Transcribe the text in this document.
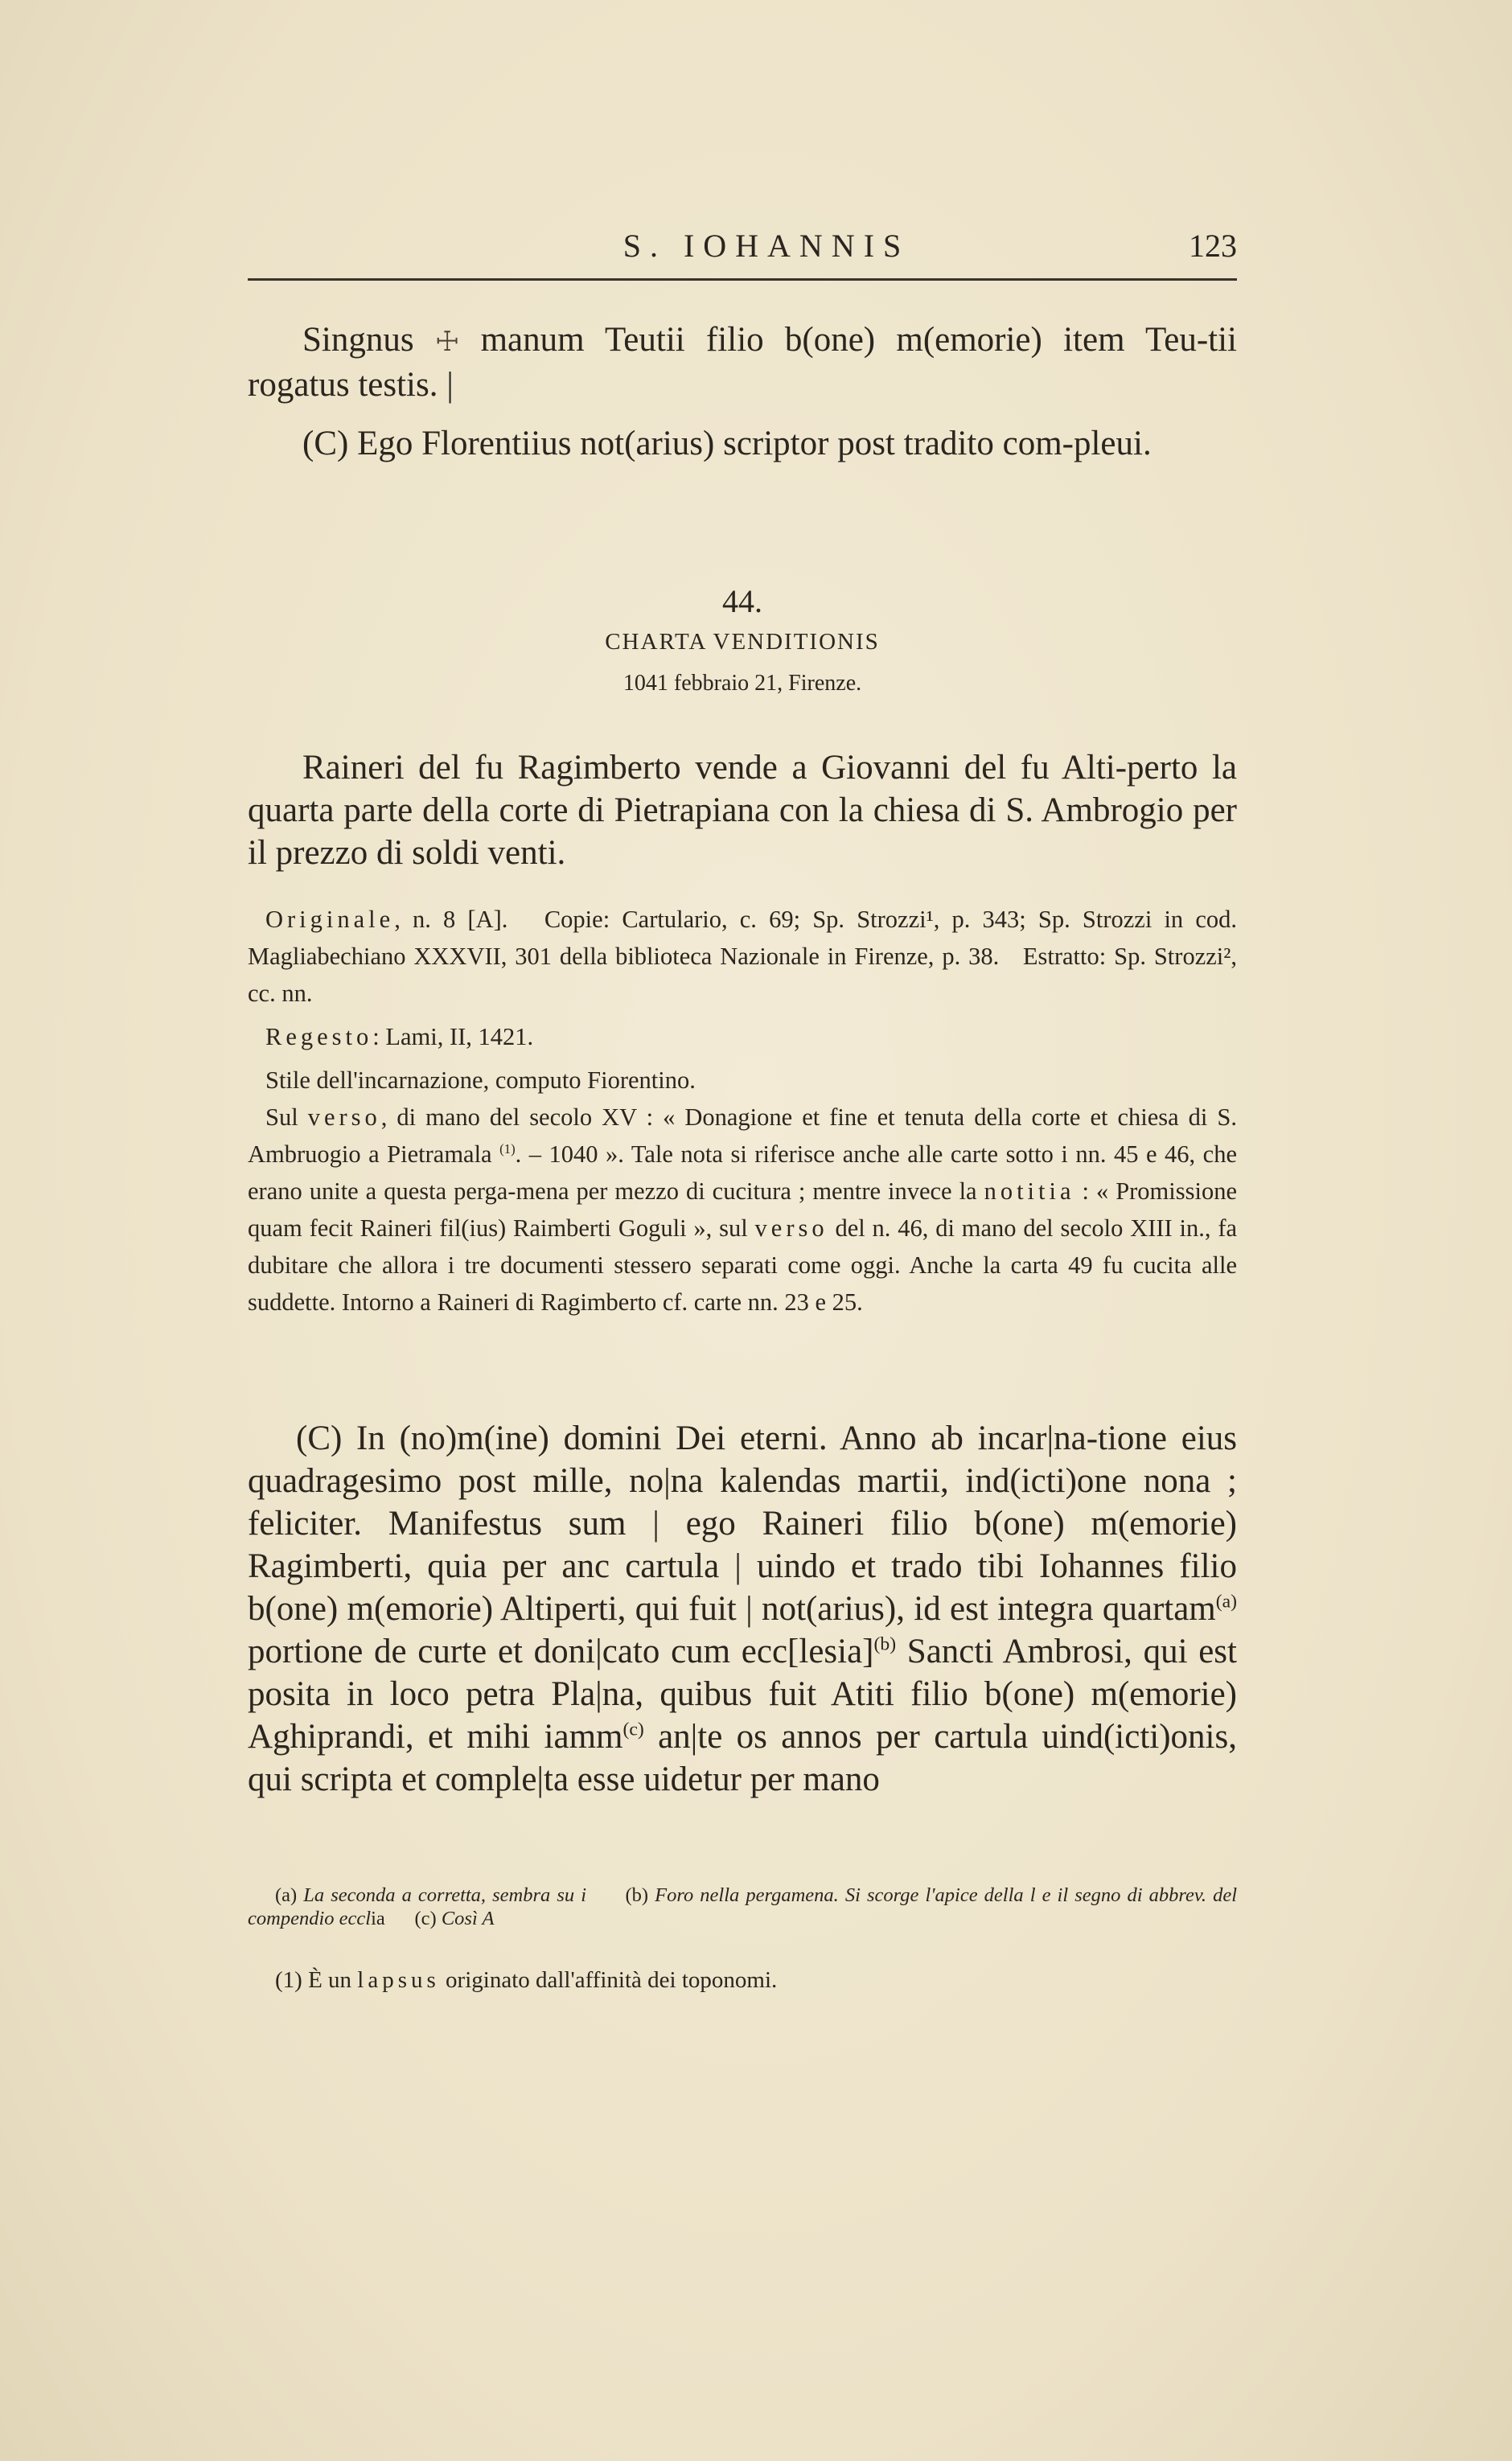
S. IOHANNIS	123

Singnus ☩ manum Teutii filio b(one) m(emorie) item Teu-tii rogatus testis. |

(C) Ego Florentiius not(arius) scriptor post tradito com-pleui.

44.
CHARTA VENDITIONIS
1041 febbraio 21, Firenze.

Raineri del fu Ragimberto vende a Giovanni del fu Alti-perto la quarta parte della corte di Pietrapiana con la chiesa di S. Ambrogio per il prezzo di soldi venti.

Originale, n. 8 [A]. Copie: Cartulario, c. 69; Sp. Strozzi¹, p. 343; Sp. Strozzi in cod. Magliabechiano XXXVII, 301 della biblioteca Nazionale in Firenze, p. 38. Estratto: Sp. Strozzi², cc. nn.

Regesto: Lami, II, 1421.

Stile dell'incarnazione, computo Fiorentino.

Sul verso, di mano del secolo XV : « Donagione et fine et tenuta della corte et chiesa di S. Ambruogio a Pietramala $^{(1)}$. – 1040 ». Tale nota si riferisce anche alle carte sotto i nn. 45 e 46, che erano unite a questa perga-mena per mezzo di cucitura ; mentre invece la notitia : « Promissione quam fecit Raineri fil(ius) Raimberti Goguli », sul verso del n. 46, di mano del secolo XIII in., fa dubitare che allora i tre documenti stessero separati come oggi. Anche la carta 49 fu cucita alle suddette. Intorno a Raineri di Ragimberto cf. carte nn. 23 e 25.

(C) In (no)m(ine) domini Dei eterni. Anno ab incar|na-tione eius quadragesimo post mille, no|na kalendas martii, ind(icti)one nona ; feliciter. Manifestus sum | ego Raineri filio b(one) m(emorie) Ragimberti, quia per anc cartula | uindo et trado tibi Iohannes filio b(one) m(emorie) Altiperti, qui fuit | not(arius), id est integra quartam$^{(a)}$ portione de curte et doni|cato cum ecc[lesia]$^{(b)}$ Sancti Ambrosi, qui est posita in loco petra Pla|na, quibus fuit Atiti filio b(one) m(emorie) Aghiprandi, et mihi iamm$^{(c)}$ an|te os annos per cartula uind(icti)onis, qui scripta et comple|ta esse uidetur per mano

(a) La seconda a corretta, sembra su i (b) Foro nella pergamena. Si scorge l'apice della l e il segno di abbrev. del compendio ecclia (c) Così A
(1) È un lapsus originato dall'affinità dei toponomi.
